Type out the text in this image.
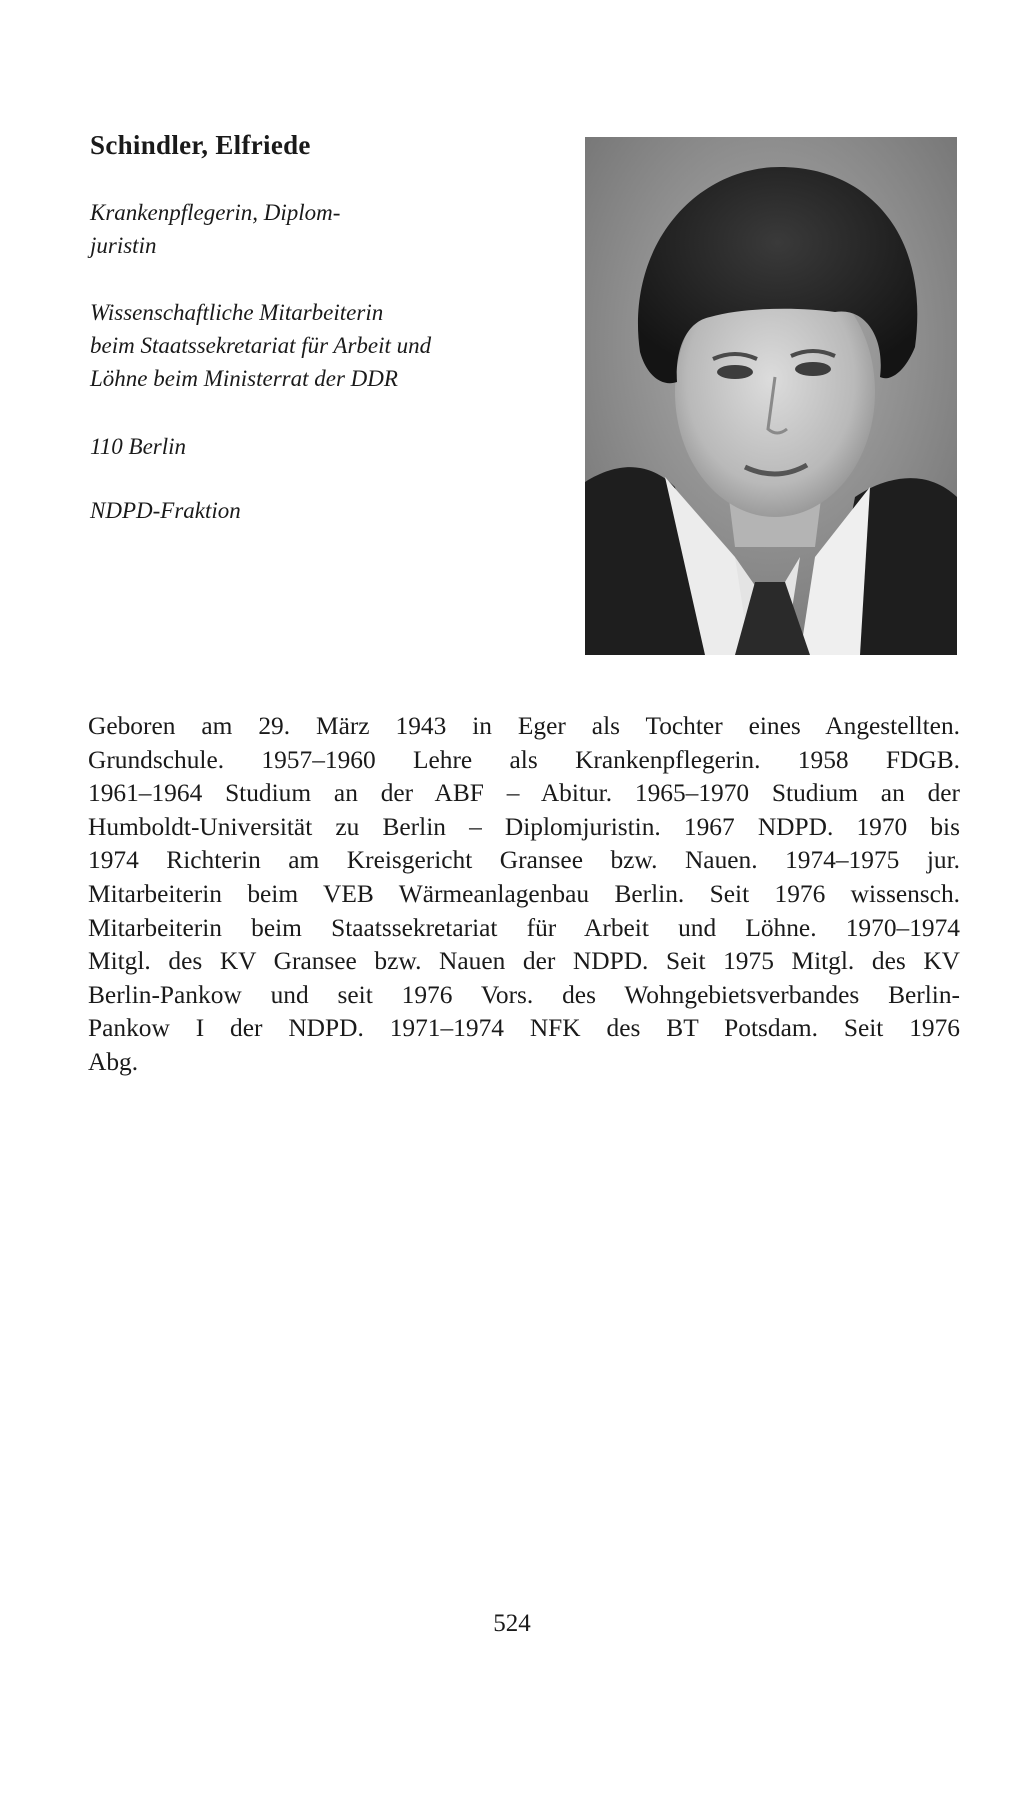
Schindler, Elfriede

Krankenpflegerin, Diplom-
juristin

Wissenschaftliche Mitarbeiterin
beim Staatssekretariat für Arbeit und
Löhne beim Ministerrat der DDR

110 Berlin

NDPD-Fraktion

Geboren am 29. März 1943 in Eger als Tochter eines Angestellten.
Grundschule. 1957–1960 Lehre als Krankenpflegerin. 1958 FDGB.
1961–1964 Studium an der ABF – Abitur. 1965–1970 Studium an der
Humboldt-Universität zu Berlin – Diplomjuristin. 1967 NDPD. 1970 bis
1974 Richterin am Kreisgericht Gransee bzw. Nauen. 1974–1975 jur.
Mitarbeiterin beim VEB Wärmeanlagenbau Berlin. Seit 1976 wissensch.
Mitarbeiterin beim Staatssekretariat für Arbeit und Löhne. 1970–1974
Mitgl. des KV Gransee bzw. Nauen der NDPD. Seit 1975 Mitgl. des KV
Berlin-Pankow und seit 1976 Vors. des Wohngebietsverbandes Berlin-
Pankow I der NDPD. 1971–1974 NFK des BT Potsdam. Seit 1976
Abg.

524
